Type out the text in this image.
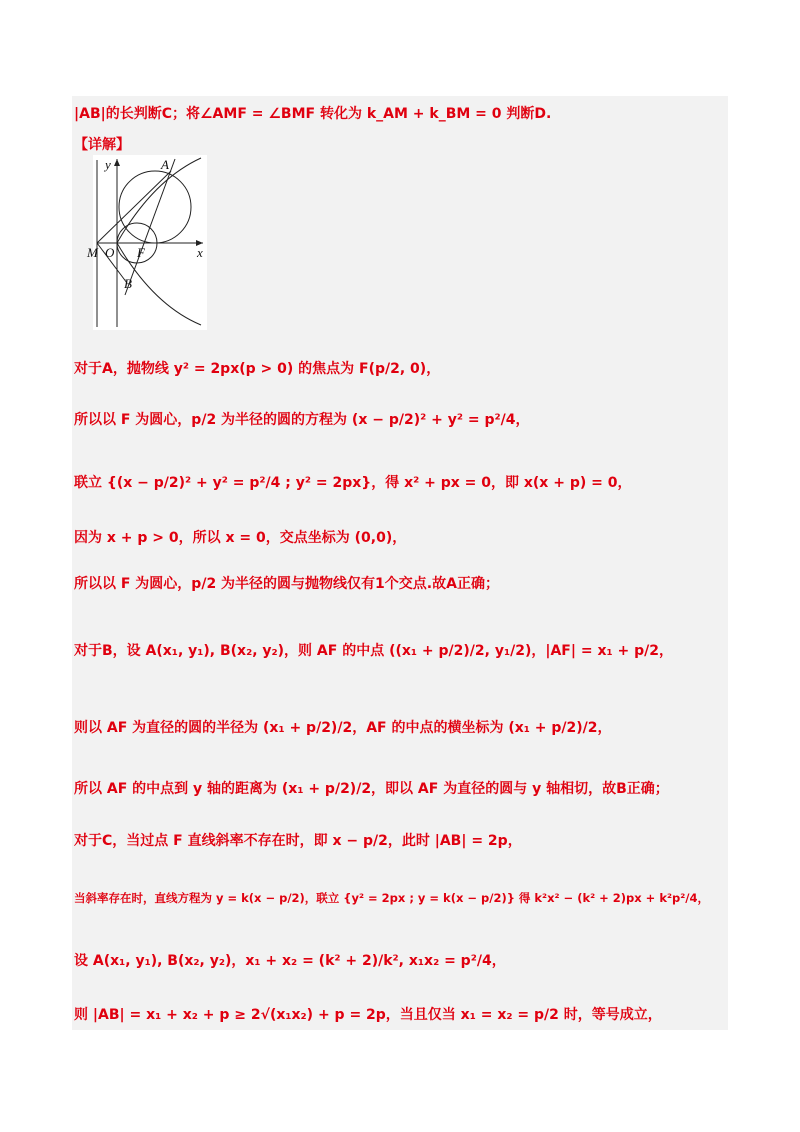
|AB|的长判断C；将∠AMF = ∠BMF 转化为 k_AM + k_BM = 0 判断D.
【详解】
y
x
A
M O F
B
对于A，抛物线 y² = 2px(p > 0) 的焦点为 F(p/2, 0)，
所以以 F 为圆心，p/2 为半径的圆的方程为 (x − p/2)² + y² = p²/4，
联立 {(x − p/2)² + y² = p²/4 ; y² = 2px}，得 x² + px = 0，即 x(x + p) = 0，
因为 x + p > 0，所以 x = 0，交点坐标为 (0,0)，
所以以 F 为圆心，p/2 为半径的圆与抛物线仅有1个交点.故A正确；
对于B，设 A(x₁, y₁), B(x₂, y₂)，则 AF 的中点 ((x₁ + p/2)/2, y₁/2)，|AF| = x₁ + p/2，
则以 AF 为直径的圆的半径为 (x₁ + p/2)/2，AF 的中点的横坐标为 (x₁ + p/2)/2，
所以 AF 的中点到 y 轴的距离为 (x₁ + p/2)/2，即以 AF 为直径的圆与 y 轴相切，故B正确；
对于C，当过点 F 直线斜率不存在时，即 x − p/2，此时 |AB| = 2p，
当斜率存在时，直线方程为 y = k(x − p/2)，联立 {y² = 2px ; y = k(x − p/2)} 得 k²x² − (k² + 2)px + k²p²/4，
设 A(x₁, y₁), B(x₂, y₂)，x₁ + x₂ = (k² + 2)/k², x₁x₂ = p²/4，
则 |AB| = x₁ + x₂ + p ≥ 2√(x₁x₂) + p = 2p，当且仅当 x₁ = x₂ = p/2 时，等号成立，
